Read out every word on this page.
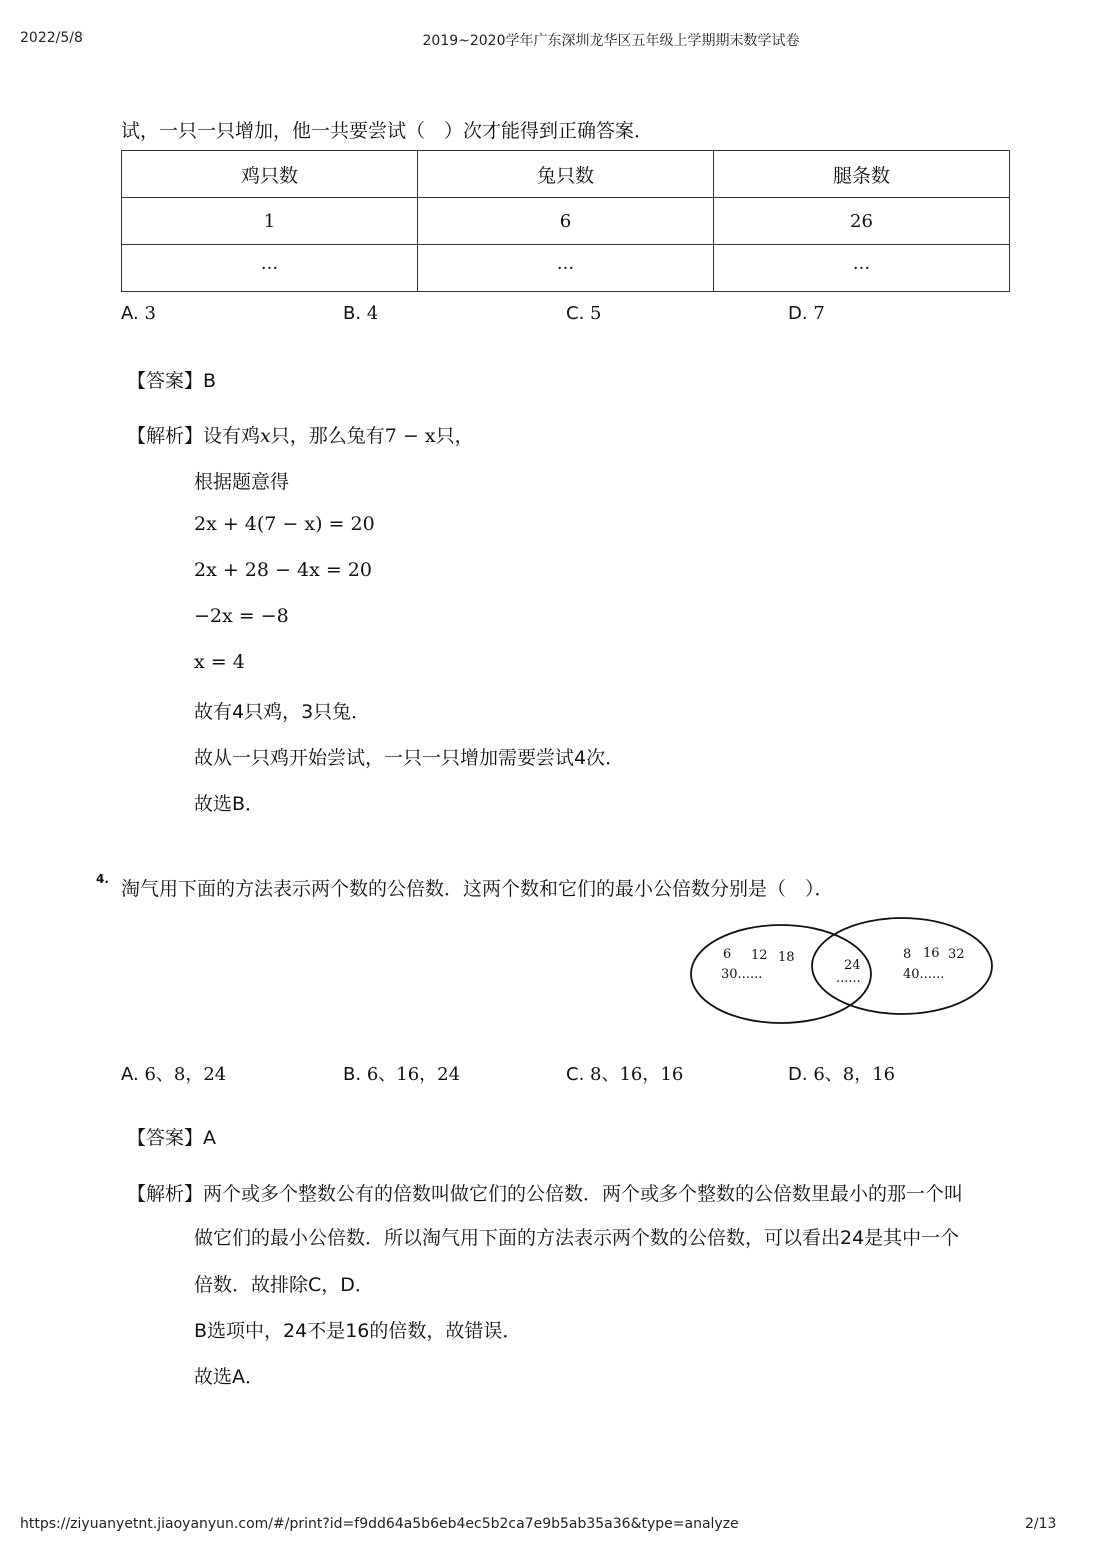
2022/5/8	2019~2020学年广东深圳龙华区五年级上学期期末数学试卷
试，一只一只增加，他一共要尝试（　）次才能得到正确答案．
鸡只数	兔只数	腿条数
1	6	26
···	···	···
A. 3	B. 4	C. 5	D. 7
【答案】B
【解析】设有鸡x只，那么兔有7 − x只，
根据题意得
2x + 4(7 − x) = 20
2x + 28 − 4x = 20
−2x = −8
x = 4
故有4只鸡，3只兔．
故从一只鸡开始尝试，一只一只增加需要尝试4次．
故选B．
4. 淘气用下面的方法表示两个数的公倍数．这两个数和它们的最小公倍数分别是（　）．
6 12 18
30......
24
......
8 16 32
40......
A. 6、8，24	B. 6、16，24	C. 8、16，16	D. 6、8，16
【答案】A
【解析】两个或多个整数公有的倍数叫做它们的公倍数．两个或多个整数的公倍数里最小的那一个叫
做它们的最小公倍数．所以淘气用下面的方法表示两个数的公倍数，可以看出24是其中一个
倍数．故排除C，D．
B选项中，24不是16的倍数，故错误．
故选A．
https://ziyuanyetnt.jiaoyanyun.com/#/print?id=f9dd64a5b6eb4ec5b2ca7e9b5ab35a36&type=analyze	2/13
